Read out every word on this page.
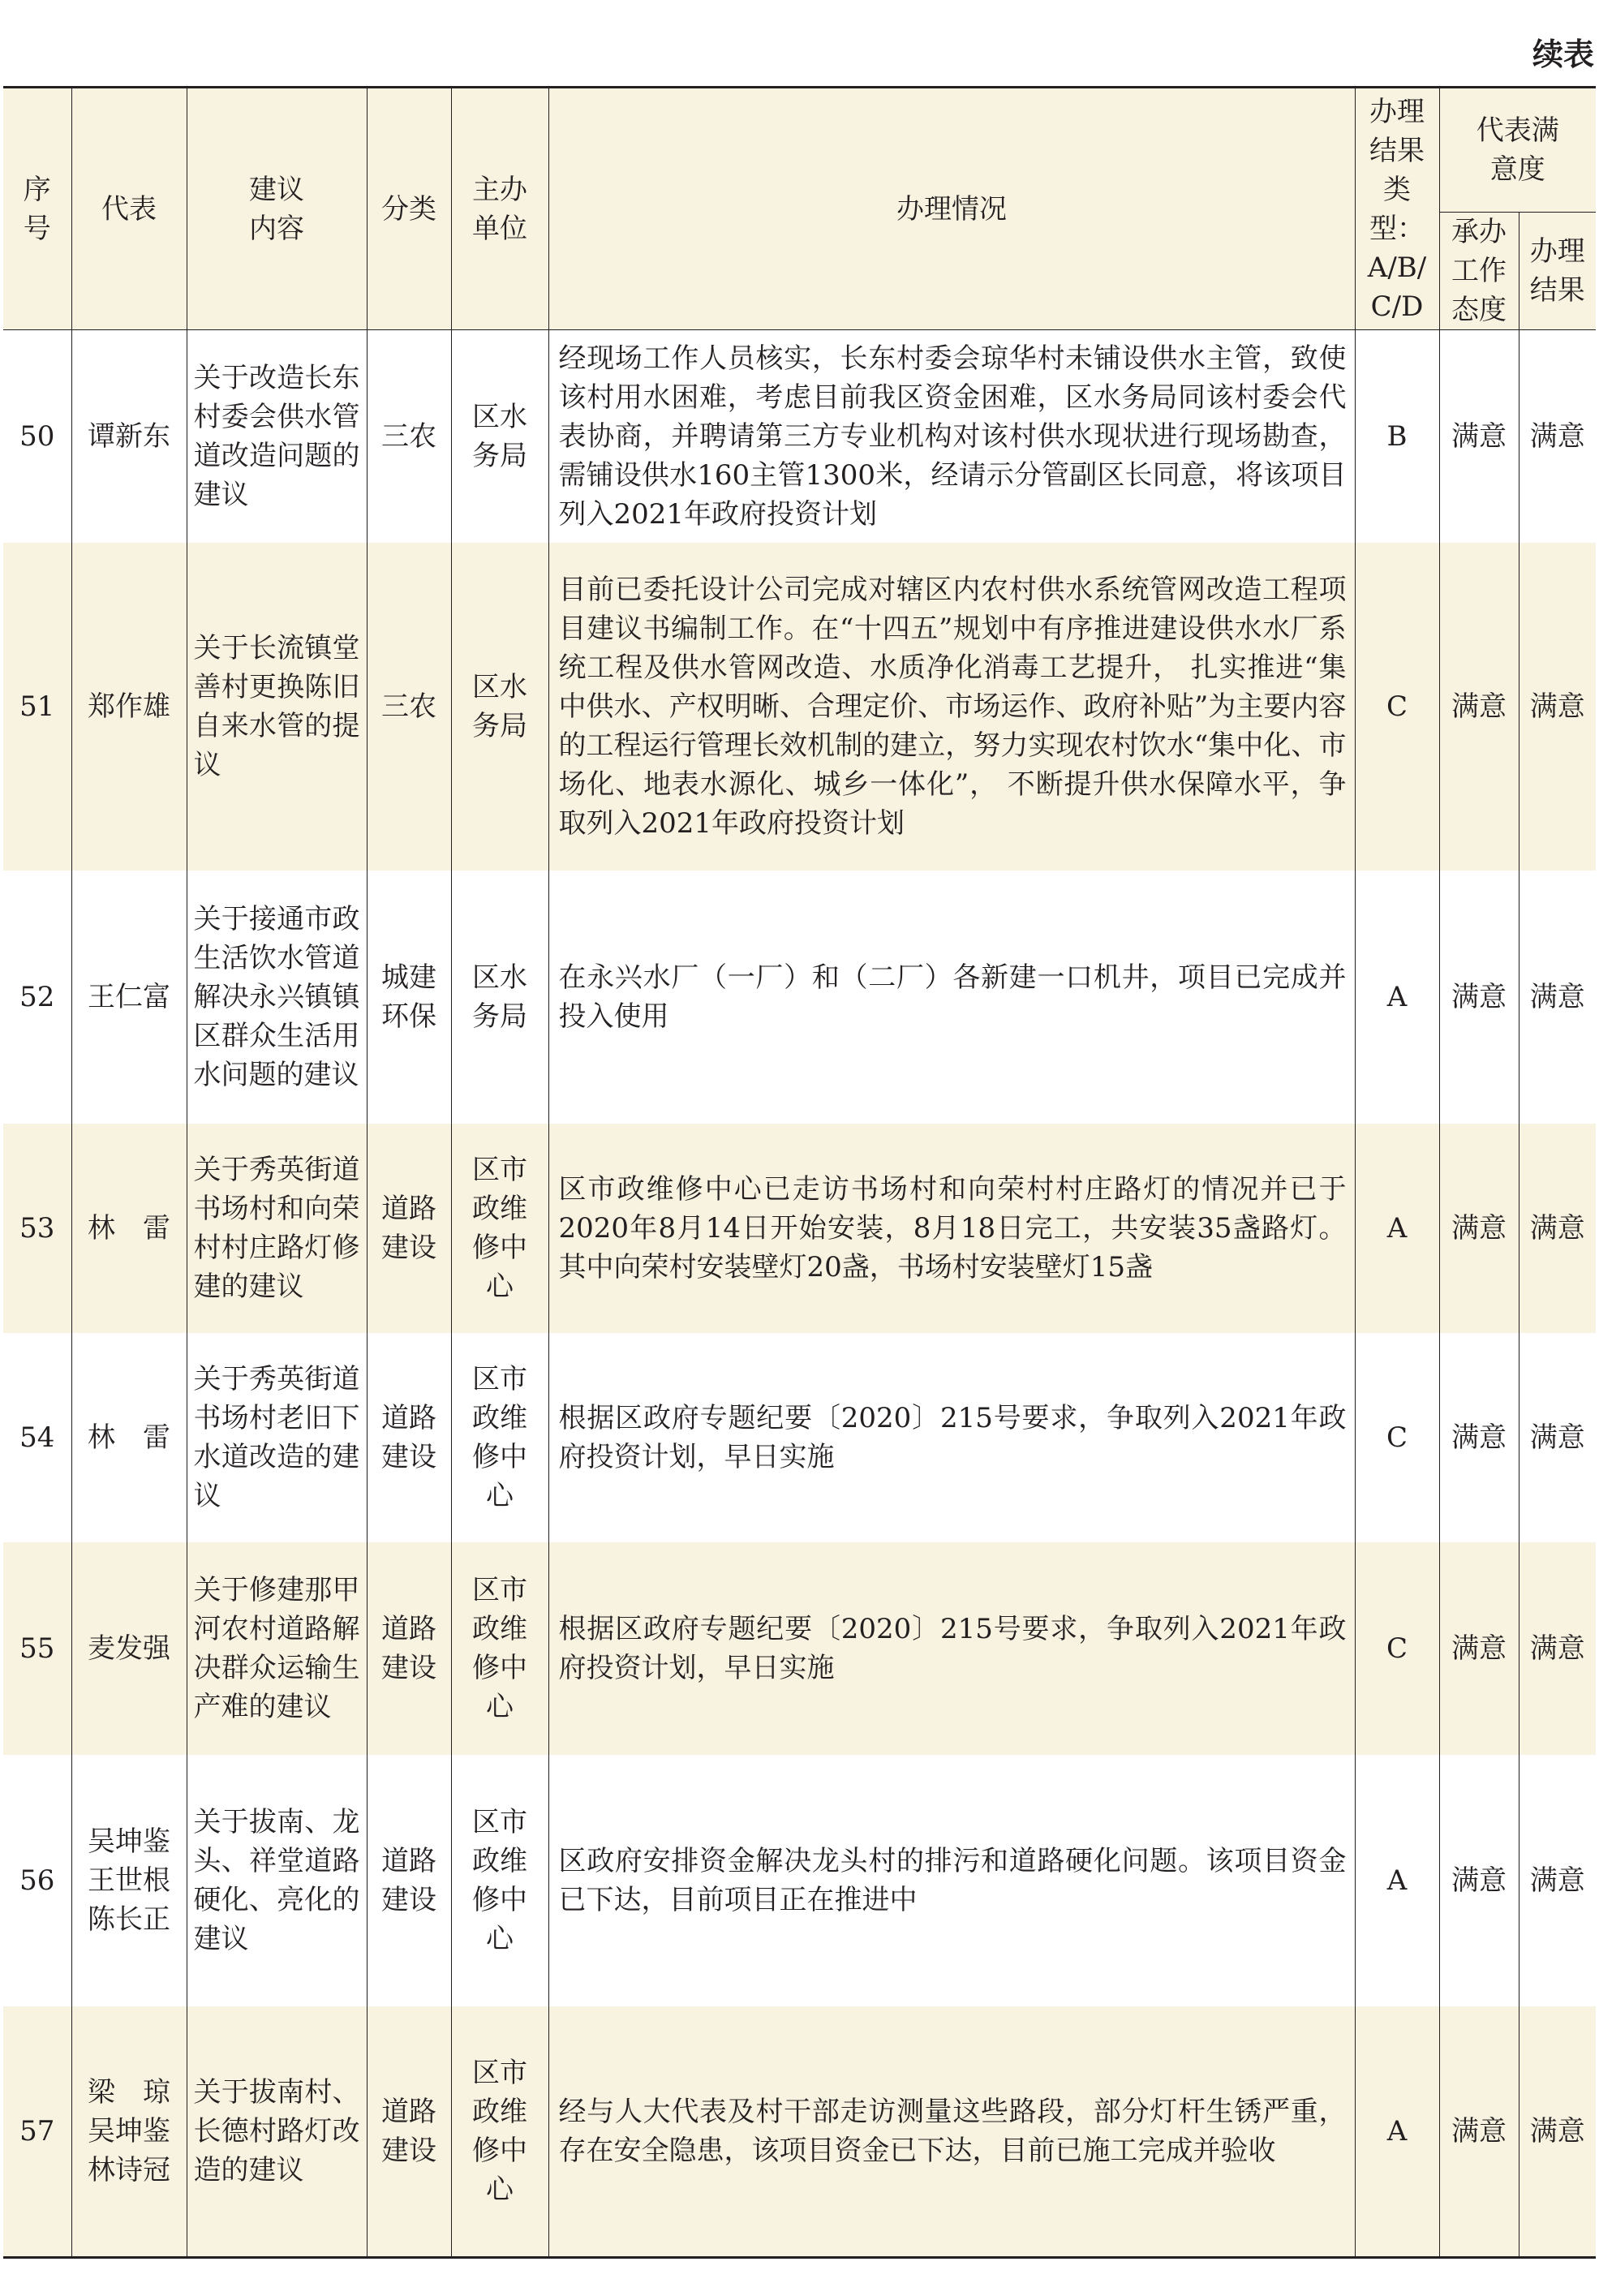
续表
序号	代表	建议内容	分类	主办单位	办理情况	办理结果类型：A/B/C/D	代表满意度	

							承办工作态度	办理结果

50	谭新东	关于改造长东村委会供水管道改造问题的建议	三农	区水务局	经现场工作人员核实，长东村委会琼华村未铺设供水主管，致使该村用水困难，考虑目前我区资金困难，区水务局同该村委会代表协商，并聘请第三方专业机构对该村供水现状进行现场勘查，需铺设供水160主管1300米，经请示分管副区长同意，将该项目列入2021年政府投资计划	B	满意	满意
51	郑作雄	关于长流镇堂善村更换陈旧自来水管的提议	三农	区水务局	目前已委托设计公司完成对辖区内农村供水系统管网改造工程项目建议书编制工作。在“十四五”规划中有序推进建设供水水厂系统工程及供水管网改造、水质净化消毒工艺提升， 扎实推进“集中供水、产权明晰、合理定价、市场运作、政府补贴”为主要内容的工程运行管理长效机制的建立，努力实现农村饮水“集中化、市场化、地表水源化、城乡一体化”， 不断提升供水保障水平，争取列入2021年政府投资计划	C	满意	满意
52	王仁富	关于接通市政生活饮水管道解决永兴镇镇区群众生活用水问题的建议	城建环保	区水务局	在永兴水厂（一厂）和（二厂）各新建一口机井，项目已完成并投入使用	A	满意	满意
53	林　雷	关于秀英街道书场村和向荣村村庄路灯修建的建议	道路建设	区市政维修中心	区市政维修中心已走访书场村和向荣村村庄路灯的情况并已于2020年8月14日开始安装，8月18日完工，共安装35盏路灯。其中向荣村安装壁灯20盏，书场村安装壁灯15盏	A	满意	满意
54	林　雷	关于秀英街道书场村老旧下水道改造的建议	道路建设	区市政维修中心	根据区政府专题纪要〔2020〕215号要求，争取列入2021年政府投资计划，早日实施	C	满意	满意
55	麦发强	关于修建那甲河农村道路解决群众运输生产难的建议	道路建设	区市政维修中心	根据区政府专题纪要〔2020〕215号要求，争取列入2021年政府投资计划，早日实施	C	满意	满意
56	吴坤鉴 王世根 陈长正	关于拔南、龙头、祥堂道路硬化、亮化的建议	道路建设	区市政维修中心	区政府安排资金解决龙头村的排污和道路硬化问题。该项目资金已下达，目前项目正在推进中	A	满意	满意
57	梁　琼 吴坤鉴 林诗冠	关于拔南村、长德村路灯改造的建议	道路建设	区市政维修中心	经与人大代表及村干部走访测量这些路段，部分灯杆生锈严重，存在安全隐患，该项目资金已下达，目前已施工完成并验收	A	满意	满意
